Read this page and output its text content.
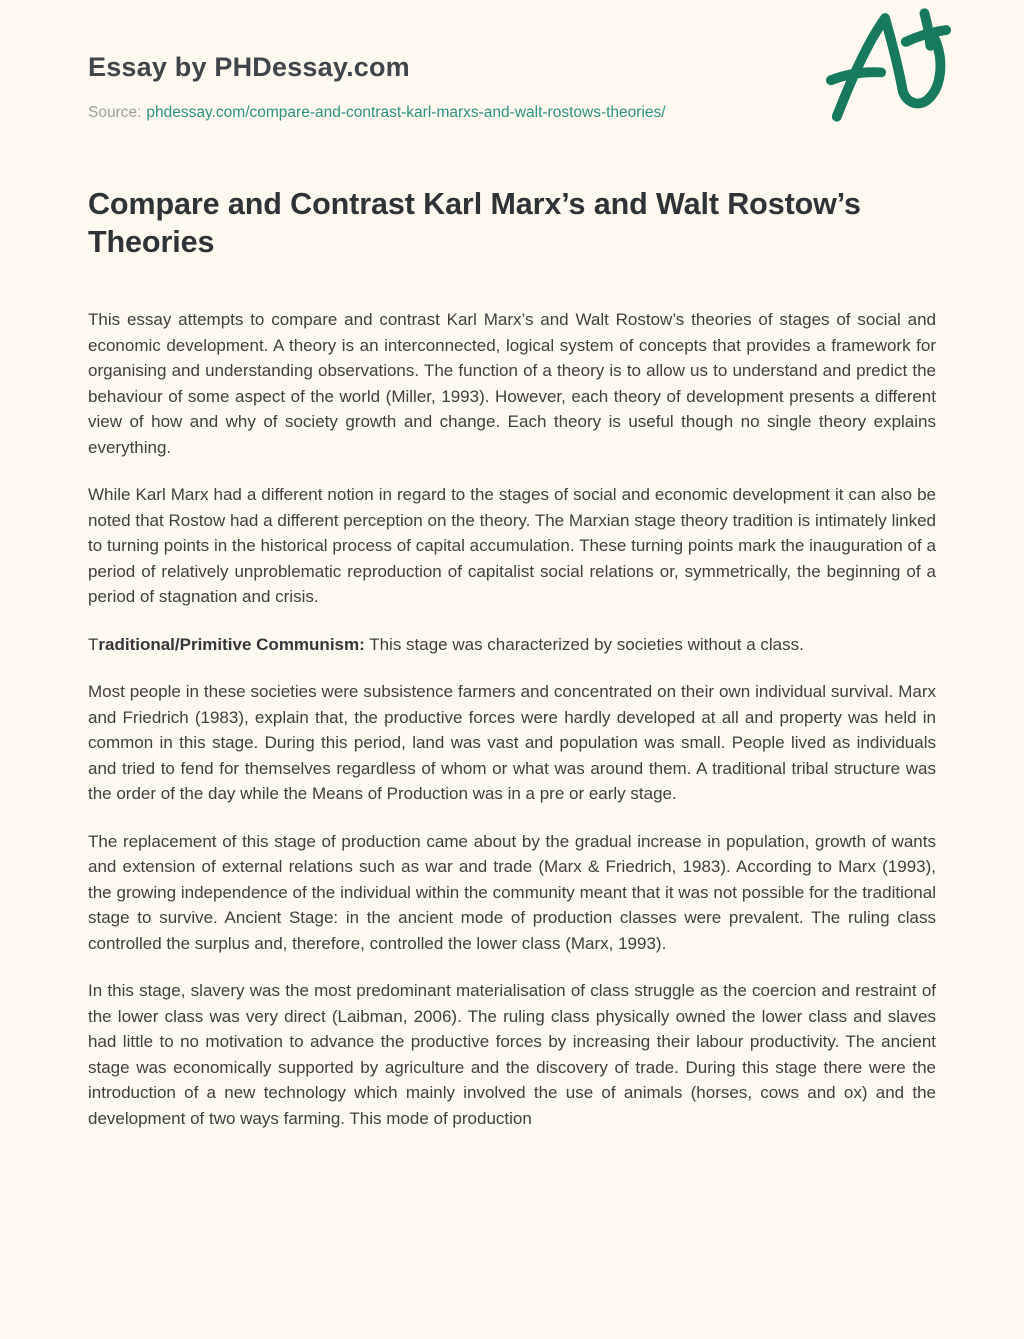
Essay by PHDessay.com

Source: phdessay.com/compare-and-contrast-karl-marxs-and-walt-rostows-theories/

Compare and Contrast Karl Marx’s and Walt Rostow’s Theories

This essay attempts to compare and contrast Karl Marx’s and Walt Rostow’s theories of stages of social and economic development. A theory is an interconnected, logical system of concepts that provides a framework for organising and understanding observations. The function of a theory is to allow us to understand and predict the behaviour of some aspect of the world (Miller, 1993). However, each theory of development presents a different view of how and why of society growth and change. Each theory is useful though no single theory explains everything.

While Karl Marx had a different notion in regard to the stages of social and economic development it can also be noted that Rostow had a different perception on the theory. The Marxian stage theory tradition is intimately linked to turning points in the historical process of capital accumulation. These turning points mark the inauguration of a period of relatively unproblematic reproduction of capitalist social relations or, symmetrically, the beginning of a period of stagnation and crisis.

Traditional/Primitive Communism: This stage was characterized by societies without a class.

Most people in these societies were subsistence farmers and concentrated on their own individual survival. Marx and Friedrich (1983), explain that, the productive forces were hardly developed at all and property was held in common in this stage. During this period, land was vast and population was small. People lived as individuals and tried to fend for themselves regardless of whom or what was around them. A traditional tribal structure was the order of the day while the Means of Production was in a pre or early stage.

The replacement of this stage of production came about by the gradual increase in population, growth of wants and extension of external relations such as war and trade (Marx & Friedrich, 1983). According to Marx (1993), the growing independence of the individual within the community meant that it was not possible for the traditional stage to survive. Ancient Stage: in the ancient mode of production classes were prevalent. The ruling class controlled the surplus and, therefore, controlled the lower class (Marx, 1993).

In this stage, slavery was the most predominant materialisation of class struggle as the coercion and restraint of the lower class was very direct (Laibman, 2006). The ruling class physically owned the lower class and slaves had little to no motivation to advance the productive forces by increasing their labour productivity. The ancient stage was economically supported by agriculture and the discovery of trade. During this stage there were the introduction of a new technology which mainly involved the use of animals (horses, cows and ox) and the development of two ways farming. This mode of production
